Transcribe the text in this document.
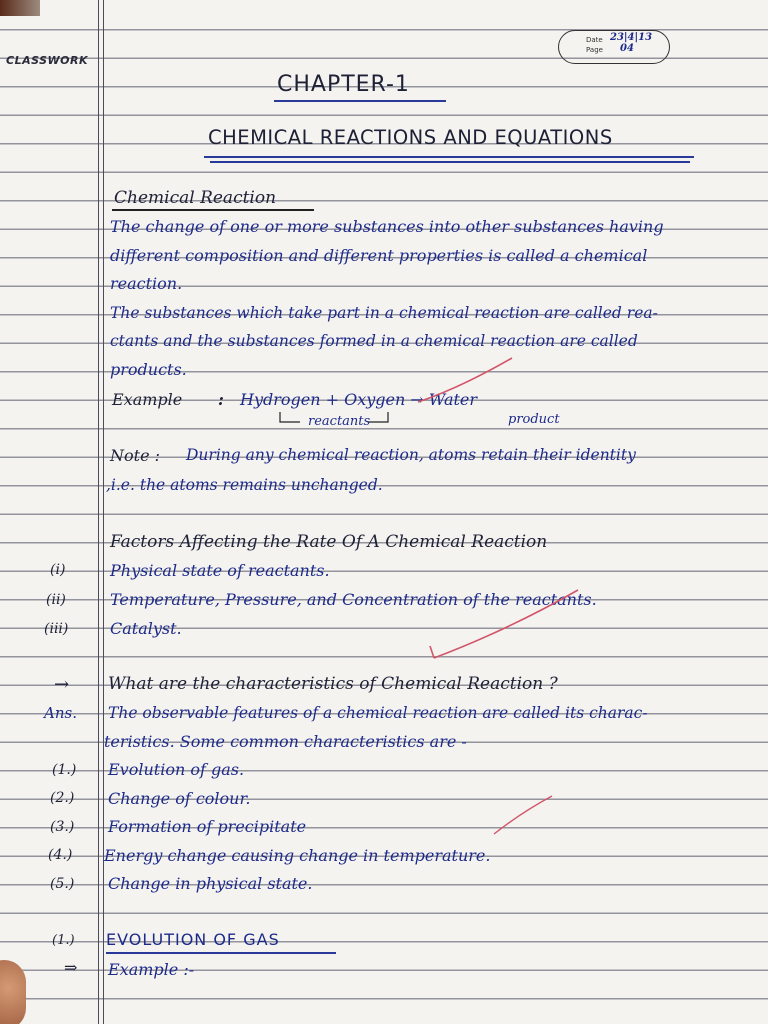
CLASSWORK
Date 23|4|13
Page 04
CHAPTER-1
CHEMICAL REACTIONS AND EQUATIONS
Chemical Reaction
The change of one or more substances into other substances having
different composition and different properties is called a chemical
reaction.
The substances which take part in a chemical reaction are called rea-
ctants and the substances formed in a chemical reaction are called
products.
Example : Hydrogen + Oxygen → Water
reactants	product
Note : During any chemical reaction, atoms retain their identity
,i.e. the atoms remains unchanged.
Factors Affecting the Rate Of A Chemical Reaction
(i)	Physical state of reactants.
(ii)	Temperature, Pressure, and Concentration of the reactants.
(iii)	Catalyst.
→ What are the characteristics of Chemical Reaction ?
Ans. The observable features of a chemical reaction are called its charac-
teristics. Some common characteristics are -
(1.) Evolution of gas.
(2.) Change of colour.
(3.) Formation of precipitate
(4.) Energy change causing change in temperature.
(5.) Change in physical state.
(1.) EVOLUTION OF GAS
⇒ Example :-
